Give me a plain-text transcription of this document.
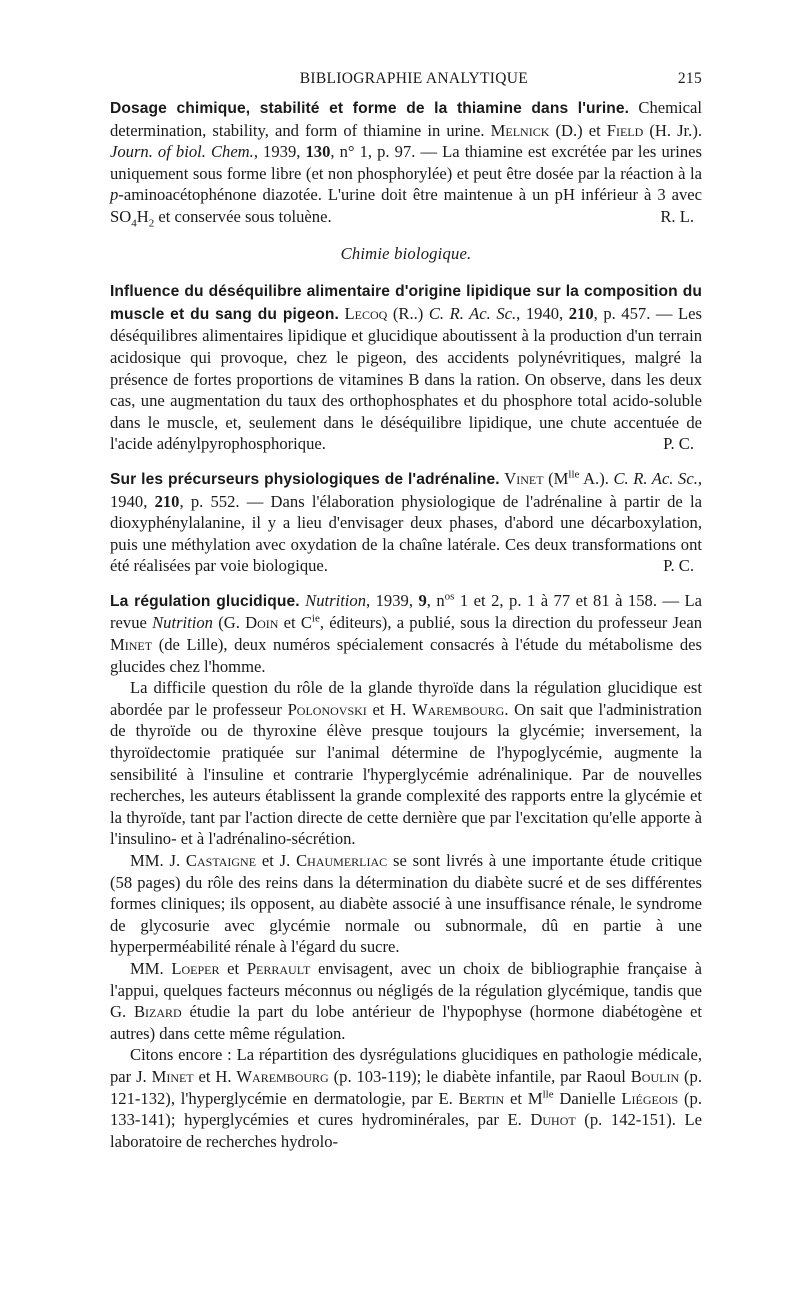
BIBLIOGRAPHIE ANALYTIQUE	215

Dosage chimique, stabilité et forme de la thiamine dans l'urine. Chemical determination, stability, and form of thiamine in urine. Melnick (D.) et Field (H. Jr.). Journ. of biol. Chem., 1939, 130, n° 1, p. 97. — La thiamine est excrétée par les urines uniquement sous forme libre (et non phosphorylée) et peut être dosée par la réaction à la p-aminoacétophénone diazotée. L'urine doit être maintenue à un pH inférieur à 3 avec $SO_4H_2$ et conservée sous toluène.	R. L.

Chimie biologique.

Influence du déséquilibre alimentaire d'origine lipidique sur la composition du muscle et du sang du pigeon. Lecoq (R..) C. R. Ac. Sc., 1940, 210, p. 457. — Les déséquilibres alimentaires lipidique et glucidique aboutissent à la production d'un terrain acidosique qui provoque, chez le pigeon, des accidents polynévritiques, malgré la présence de fortes proportions de vitamines B dans la ration. On observe, dans les deux cas, une augmentation du taux des orthophosphates et du phosphore total acido-soluble dans le muscle, et, seulement dans le déséquilibre lipidique, une chute accentuée de l'acide adénylpyrophosphorique.	P. C.

Sur les précurseurs physiologiques de l'adrénaline. Vinet ($M^{lle}$ A.). C. R. Ac. Sc., 1940, 210, p. 552. — Dans l'élaboration physiologique de l'adrénaline à partir de la dioxyphénylalanine, il y a lieu d'envisager deux phases, d'abord une décarboxylation, puis une méthylation avec oxydation de la chaîne latérale. Ces deux transformations ont été réalisées par voie biologique.	P. C.

La régulation glucidique. Nutrition, 1939, 9, $n^{os}$ 1 et 2, p. 1 à 77 et 81 à 158. — La revue Nutrition (G. Doin et $C^{ie}$, éditeurs), a publié, sous la direction du professeur Jean Minet (de Lille), deux numéros spécialement consacrés à l'étude du métabolisme des glucides chez l'homme.

La difficile question du rôle de la glande thyroïde dans la régulation glucidique est abordée par le professeur Polonovski et H. Warembourg. On sait que l'administration de thyroïde ou de thyroxine élève presque toujours la glycémie; inversement, la thyroïdectomie pratiquée sur l'animal détermine de l'hypoglycémie, augmente la sensibilité à l'insuline et contrarie l'hyperglycémie adrénalinique. Par de nouvelles recherches, les auteurs établissent la grande complexité des rapports entre la glycémie et la thyroïde, tant par l'action directe de cette dernière que par l'excitation qu'elle apporte à l'insulino- et à l'adrénalino-sécrétion.

MM. J. Castaigne et J. Chaumerliac se sont livrés à une importante étude critique (58 pages) du rôle des reins dans la détermination du diabète sucré et de ses différentes formes cliniques; ils opposent, au diabète associé à une insuffisance rénale, le syndrome de glycosurie avec glycémie normale ou subnormale, dû en partie à une hyperperméabilité rénale à l'égard du sucre.

MM. Loeper et Perrault envisagent, avec un choix de bibliographie française à l'appui, quelques facteurs méconnus ou négligés de la régulation glycémique, tandis que G. Bizard étudie la part du lobe antérieur de l'hypophyse (hormone diabétogène et autres) dans cette même régulation.

Citons encore : La répartition des dysrégulations glucidiques en pathologie médicale, par J. Minet et H. Warembourg (p. 103-119); le diabète infantile, par Raoul Boulin (p. 121-132), l'hyperglycémie en dermatologie, par E. Bertin et $M^{lle}$ Danielle Liégeois (p. 133-141); hyperglycémies et cures hydrominérales, par E. Duhot (p. 142-151). Le laboratoire de recherches hydrolo-
